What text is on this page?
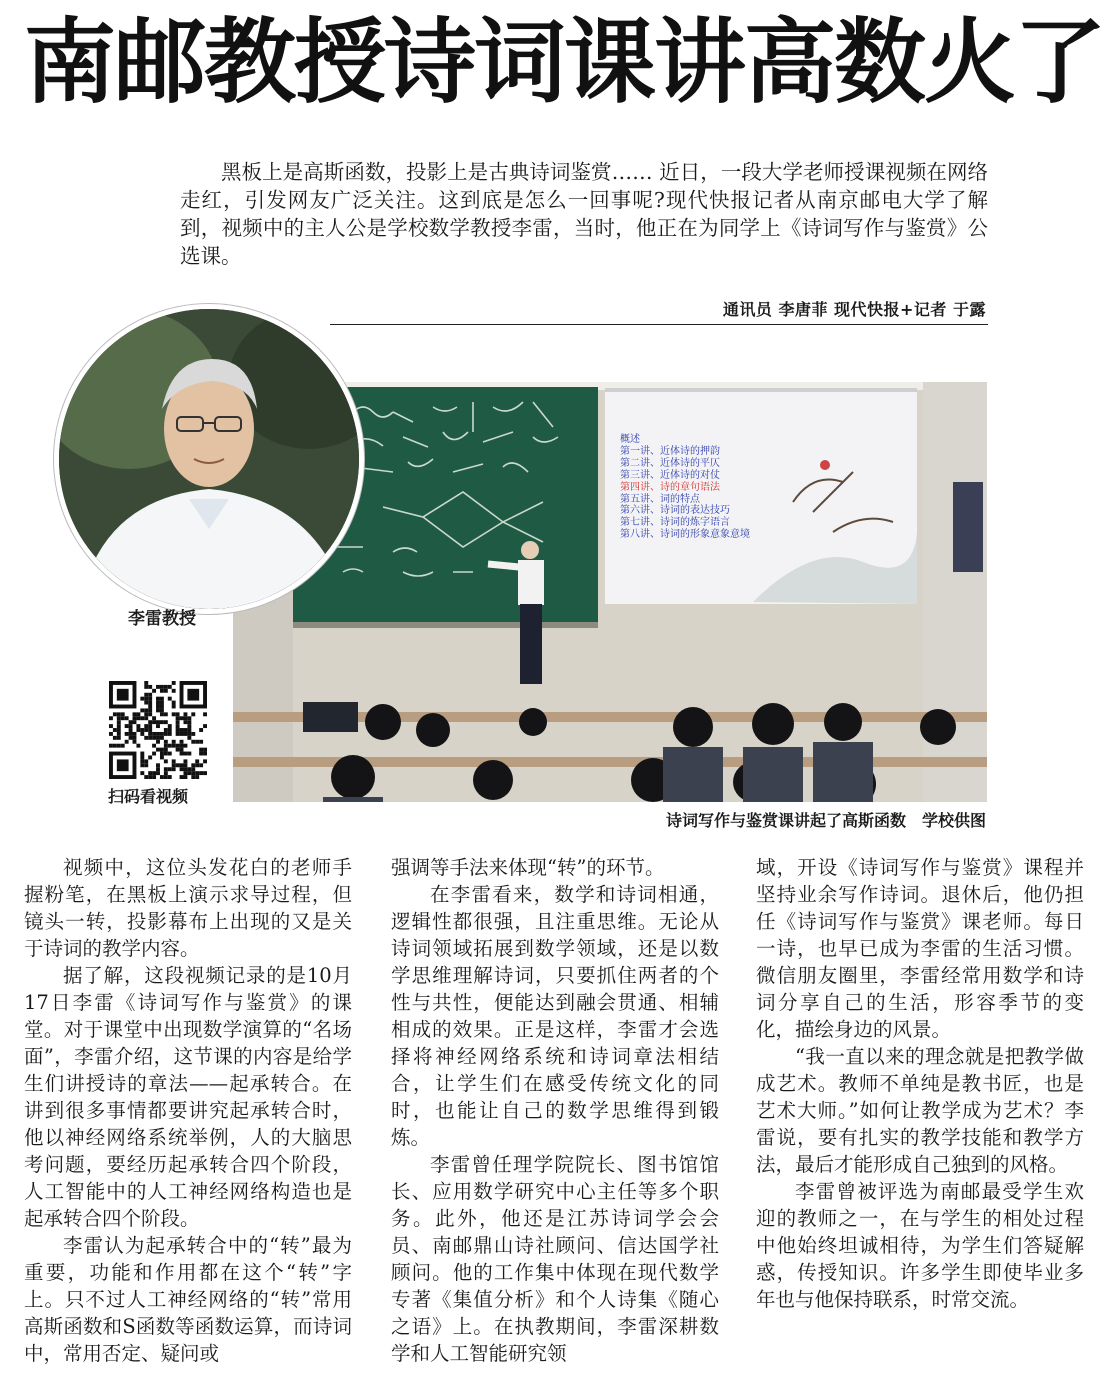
南邮教授诗词课讲高数火了

黑板上是高斯函数，投影上是古典诗词鉴赏…… 近日，一段大学老师授课视频在网络走红，引发网友广泛关注。这到底是怎么一回事呢?现代快报记者从南京邮电大学了解到，视频中的主人公是学校数学教授李雷，当时，他正在为同学上《诗词写作与鉴赏》公选课。

通讯员 李唐菲 现代快报+记者 于露
概述
第一讲、近体诗的押韵
第二讲、近体诗的平仄
第三讲、近体诗的对仗
第四讲、诗的章句语法
第五讲、词的特点
第六讲、诗词的表达技巧
第七讲、诗词的炼字语言
第八讲、诗词的形象意象意境
李雷教授
扫码看视频
诗词写作与鉴赏课讲起了高斯函数　学校供图

视频中，这位头发花白的老师手握粉笔，在黑板上演示求导过程，但镜头一转，投影幕布上出现的又是关于诗词的教学内容。

据了解，这段视频记录的是10月17日李雷《诗词写作与鉴赏》的课堂。对于课堂中出现数学演算的“名场面”，李雷介绍，这节课的内容是给学生们讲授诗的章法——起承转合。在讲到很多事情都要讲究起承转合时，他以神经网络系统举例，人的大脑思考问题，要经历起承转合四个阶段，人工智能中的人工神经网络构造也是起承转合四个阶段。

李雷认为起承转合中的“转”最为重要，功能和作用都在这个“转”字上。只不过人工神经网络的“转”常用高斯函数和S函数等函数运算，而诗词中，常用否定、疑问或

强调等手法来体现“转”的环节。

在李雷看来，数学和诗词相通，逻辑性都很强，且注重思维。无论从诗词领域拓展到数学领域，还是以数学思维理解诗词，只要抓住两者的个性与共性，便能达到融会贯通、相辅相成的效果。正是这样，李雷才会选择将神经网络系统和诗词章法相结合，让学生们在感受传统文化的同时，也能让自己的数学思维得到锻炼。

李雷曾任理学院院长、图书馆馆长、应用数学研究中心主任等多个职务。此外，他还是江苏诗词学会会员、南邮鼎山诗社顾问、信达国学社顾问。他的工作集中体现在现代数学专著《集值分析》和个人诗集《随心之语》上。在执教期间，李雷深耕数学和人工智能研究领

域，开设《诗词写作与鉴赏》课程并坚持业余写作诗词。退休后，他仍担任《诗词写作与鉴赏》课老师。每日一诗，也早已成为李雷的生活习惯。微信朋友圈里，李雷经常用数学和诗词分享自己的生活，形容季节的变化，描绘身边的风景。

“我一直以来的理念就是把教学做成艺术。教师不单纯是教书匠，也是艺术大师。”如何让教学成为艺术？李雷说，要有扎实的教学技能和教学方法，最后才能形成自己独到的风格。

李雷曾被评选为南邮最受学生欢迎的教师之一，在与学生的相处过程中他始终坦诚相待，为学生们答疑解惑，传授知识。许多学生即使毕业多年也与他保持联系，时常交流。
